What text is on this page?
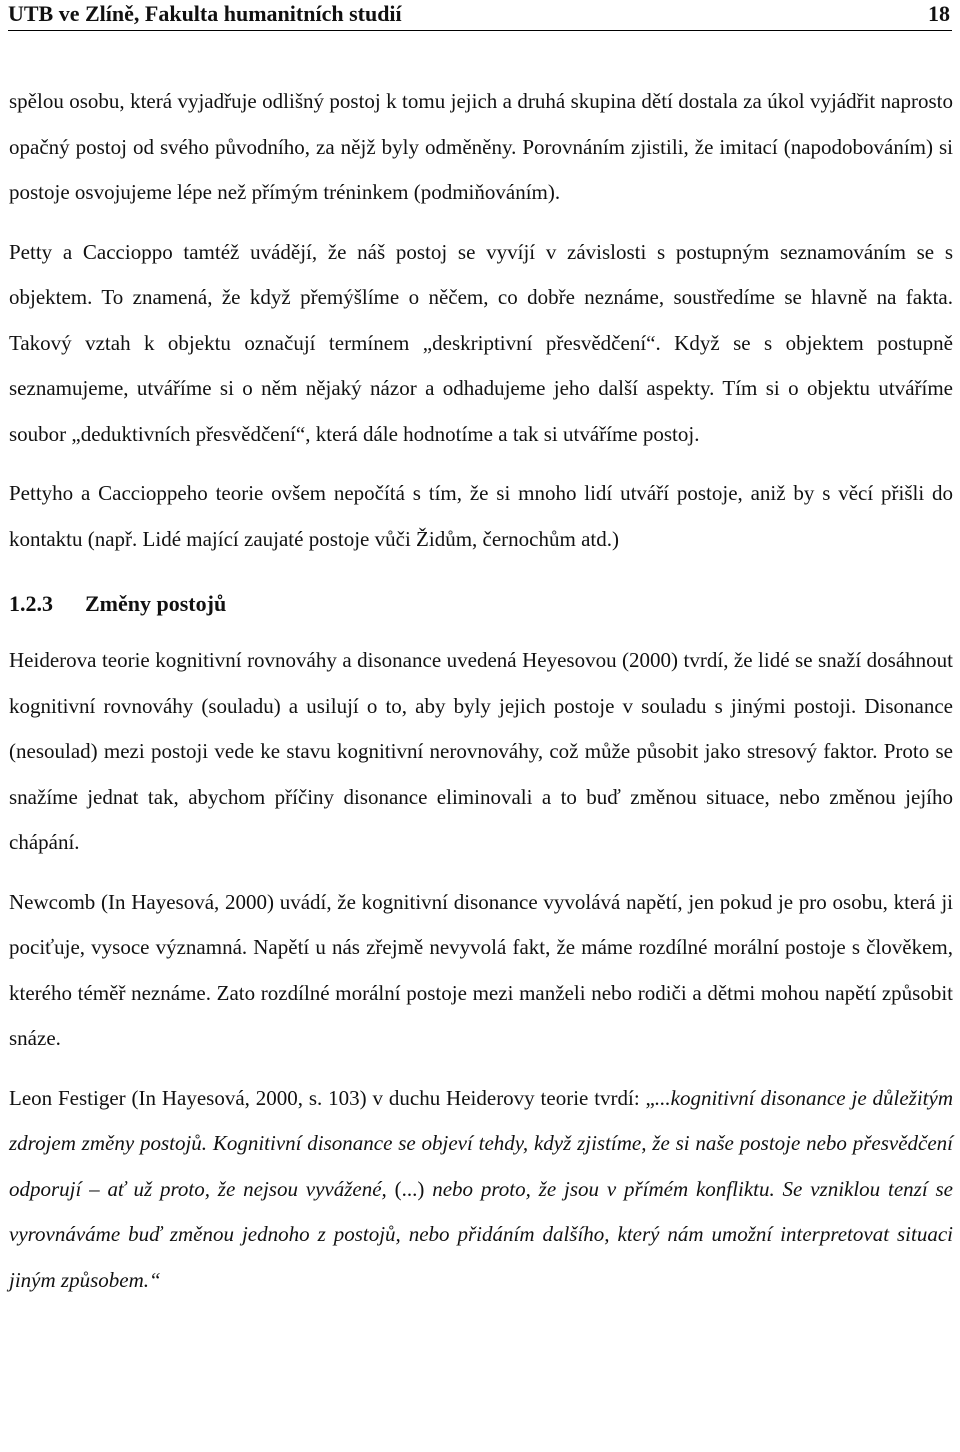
UTB ve Zlíně, Fakulta humanitních studií	18

spělou osobu, která vyjadřuje odlišný postoj k tomu jejich a druhá skupina dětí dostala za úkol vyjádřit naprosto opačný postoj od svého původního, za nějž byly odměněny. Porovnáním zjistili, že imitací (napodobováním) si postoje osvojujeme lépe než přímým tréninkem (podmiňováním).

Petty a Caccioppo tamtéž uvádějí, že náš postoj se vyvíjí v závislosti s postupným seznamováním se s objektem. To znamená, že když přemýšlíme o něčem, co dobře neznáme, soustředíme se hlavně na fakta. Takový vztah k objektu označují termínem „deskriptivní přesvědčení“. Když se s objektem postupně seznamujeme, utváříme si o něm nějaký názor a odhadujeme jeho další aspekty. Tím si o objektu utváříme soubor „deduktivních přesvědčení“, která dále hodnotíme a tak si utváříme postoj.

Pettyho a Caccioppeho teorie ovšem nepočítá s tím, že si mnoho lidí utváří postoje, aniž by s věcí přišli do kontaktu (např. Lidé mající zaujaté postoje vůči Židům, černochům atd.)

1.2.3 Změny postojů

Heiderova teorie kognitivní rovnováhy a disonance uvedená Heyesovou (2000) tvrdí, že lidé se snaží dosáhnout kognitivní rovnováhy (souladu) a usilují o to, aby byly jejich postoje v souladu s jinými postoji. Disonance (nesoulad) mezi postoji vede ke stavu kognitivní nerovnováhy, což může působit jako stresový faktor. Proto se snažíme jednat tak, abychom příčiny disonance eliminovali a to buď změnou situace, nebo změnou jejího chápání.

Newcomb (In Hayesová, 2000) uvádí, že kognitivní disonance vyvolává napětí, jen pokud je pro osobu, která ji pociťuje, vysoce významná. Napětí u nás zřejmě nevyvolá fakt, že máme rozdílné morální postoje s člověkem, kterého téměř neznáme. Zato rozdílné morální postoje mezi manželi nebo rodiči a dětmi mohou napětí způsobit snáze.

Leon Festiger (In Hayesová, 2000, s. 103) v duchu Heiderovy teorie tvrdí: „...kognitivní disonance je důležitým zdrojem změny postojů. Kognitivní disonance se objeví tehdy, když zjistíme, že si naše postoje nebo přesvědčení odporují – ať už proto, že nejsou vyvážené, (...) nebo proto, že jsou v přímém konfliktu. Se vzniklou tenzí se vyrovnáváme buď změnou jednoho z postojů, nebo přidáním dalšího, který nám umožní interpretovat situaci jiným způsobem.“
